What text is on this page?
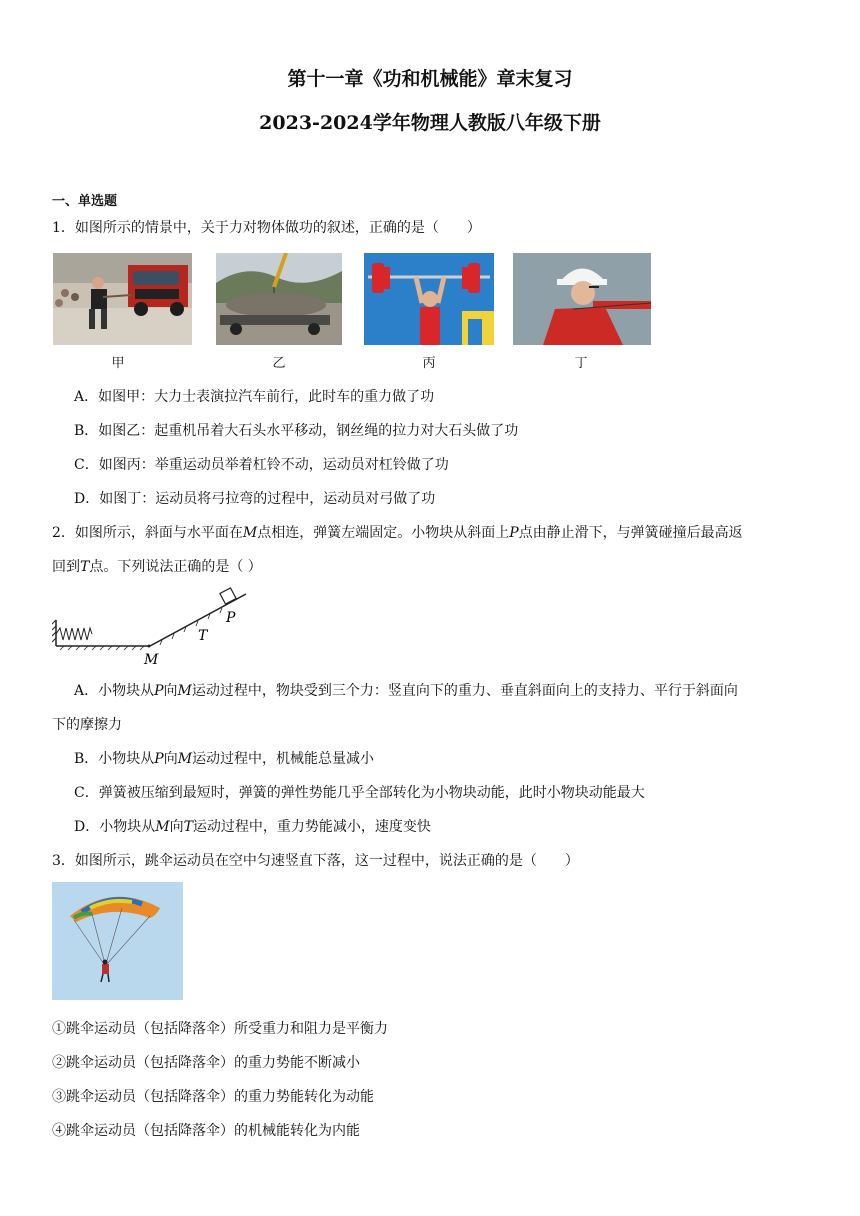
第十一章《功和机械能》章末复习
2023-2024学年物理人教版八年级下册
一、单选题
1．如图所示的情景中，关于力对物体做功的叙述，正确的是（　　）
甲	乙	丙	丁
A．如图甲：大力士表演拉汽车前行，此时车的重力做了功
B．如图乙：起重机吊着大石头水平移动，钢丝绳的拉力对大石头做了功
C．如图丙：举重运动员举着杠铃不动，运动员对杠铃做了功
D．如图丁：运动员将弓拉弯的过程中，运动员对弓做了功
2．如图所示，斜面与水平面在M点相连，弹簧左端固定。小物块从斜面上P点由静止滑下，与弹簧碰撞后最高返
回到T点。下列说法正确的是（ ）
M
T
P
A．小物块从P向M运动过程中，物块受到三个力：竖直向下的重力、垂直斜面向上的支持力、平行于斜面向
下的摩擦力
B．小物块从P向M运动过程中，机械能总量减小
C．弹簧被压缩到最短时，弹簧的弹性势能几乎全部转化为小物块动能，此时小物块动能最大
D．小物块从M向T运动过程中，重力势能减小，速度变快
3．如图所示，跳伞运动员在空中匀速竖直下落，这一过程中，说法正确的是（　　）
①跳伞运动员（包括降落伞）所受重力和阻力是平衡力
②跳伞运动员（包括降落伞）的重力势能不断减小
③跳伞运动员（包括降落伞）的重力势能转化为动能
④跳伞运动员（包括降落伞）的机械能转化为内能
